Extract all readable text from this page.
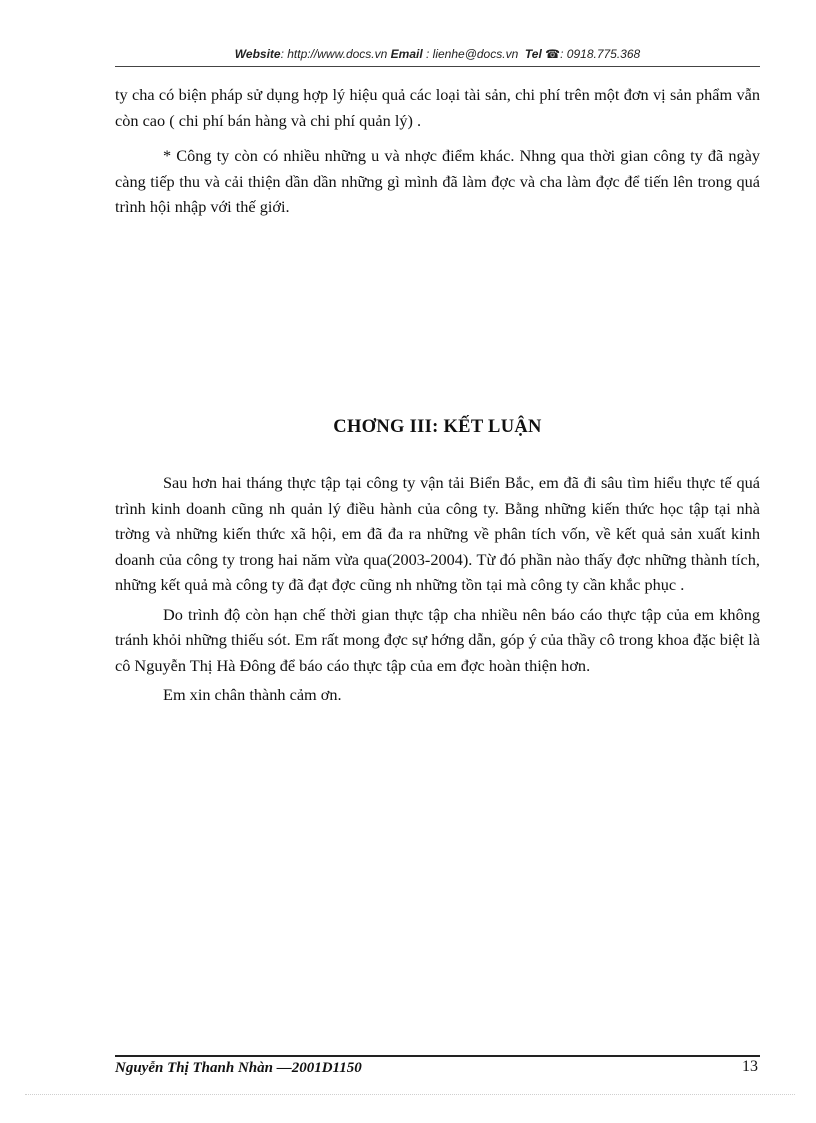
Website: http://www.docs.vn Email : lienhe@docs.vn Tel ☎: 0918.775.368

ty cha có biện pháp sử dụng hợp lý hiệu quả các loại tài sản, chi phí trên một đơn vị sản phẩm vẫn còn cao ( chi phí bán hàng và chi phí quản lý) .

* Công ty còn có nhiều những u và nhợc điểm khác. Nhng qua thời gian công ty đã ngày càng tiếp thu và cải thiện dần dần những gì mình đã làm đợc và cha làm đợc để tiến lên trong quá trình hội nhập với thế giới.

CHƠNG III: KẾT LUẬN

Sau hơn hai tháng thực tập tại công ty vận tải Biển Bắc, em đã đi sâu tìm hiểu thực tế quá trình kinh doanh cũng nh quản lý điều hành của công ty. Bằng những kiến thức học tập tại nhà trờng và những kiến thức xã hội, em đã đa ra những về phân tích vốn, về kết quả sản xuất kinh doanh của công ty trong hai năm vừa qua(2003-2004). Từ đó phần nào thấy đợc những thành tích, những kết quả mà công ty đã đạt đợc cũng nh những tồn tại mà công ty cần khắc phục .

Do trình độ còn hạn chế thời gian thực tập cha nhiều nên báo cáo thực tập của em không tránh khỏi những thiếu sót. Em rất mong đợc sự hớng dẫn, góp ý của thầy cô trong khoa đặc biệt là cô Nguyễn Thị Hà Đông để báo cáo thực tập của em đợc hoàn thiện hơn.

Em xin chân thành cảm ơn.

Nguyễn Thị Thanh Nhàn —2001D1150	13
